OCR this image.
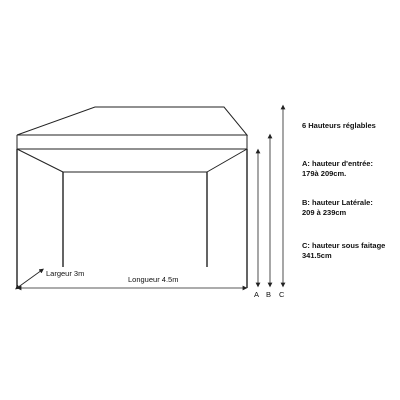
Largeur 3m
Longueur 4.5m
A B C
6 Hauteurs réglables
A: hauteur d'entrée:
179à 209cm.
B: hauteur Latérale:
209 à 239cm
C: hauteur sous faitage
341.5cm
